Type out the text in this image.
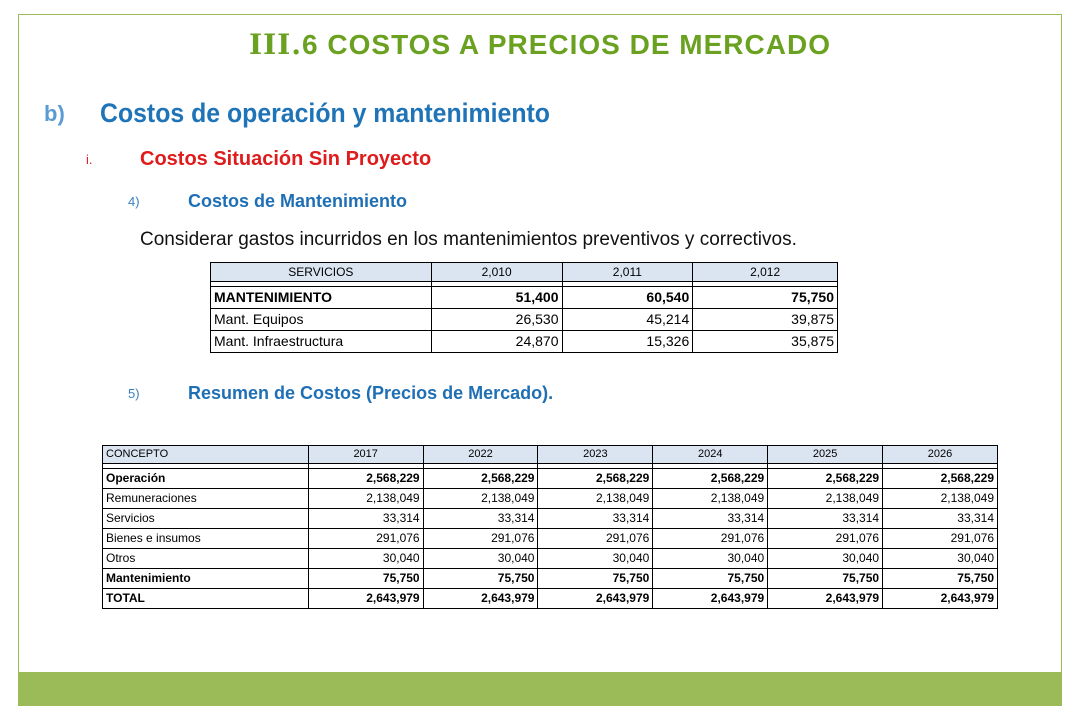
III.6 COSTOS A PRECIOS DE MERCADO
b) Costos de operación y mantenimiento
i. Costos Situación Sin Proyecto
4)	Costos de Mantenimiento
Considerar gastos incurridos en los mantenimientos preventivos y correctivos.
SERVICIOS	2,010	2,011	2,012

MANTENIMIENTO	51,400	60,540	75,750
Mant. Equipos	26,530	45,214	39,875
Mant. Infraestructura	24,870	15,326	35,875
5)	Resumen de Costos (Precios de Mercado).
CONCEPTO	2017	2022	2023	2024	2025	2026

Operación	2,568,229	2,568,229	2,568,229	2,568,229	2,568,229	2,568,229
Remuneraciones	2,138,049	2,138,049	2,138,049	2,138,049	2,138,049	2,138,049
Servicios	33,314	33,314	33,314	33,314	33,314	33,314
Bienes e insumos	291,076	291,076	291,076	291,076	291,076	291,076
Otros	30,040	30,040	30,040	30,040	30,040	30,040
Mantenimiento	75,750	75,750	75,750	75,750	75,750	75,750
TOTAL	2,643,979	2,643,979	2,643,979	2,643,979	2,643,979	2,643,979
